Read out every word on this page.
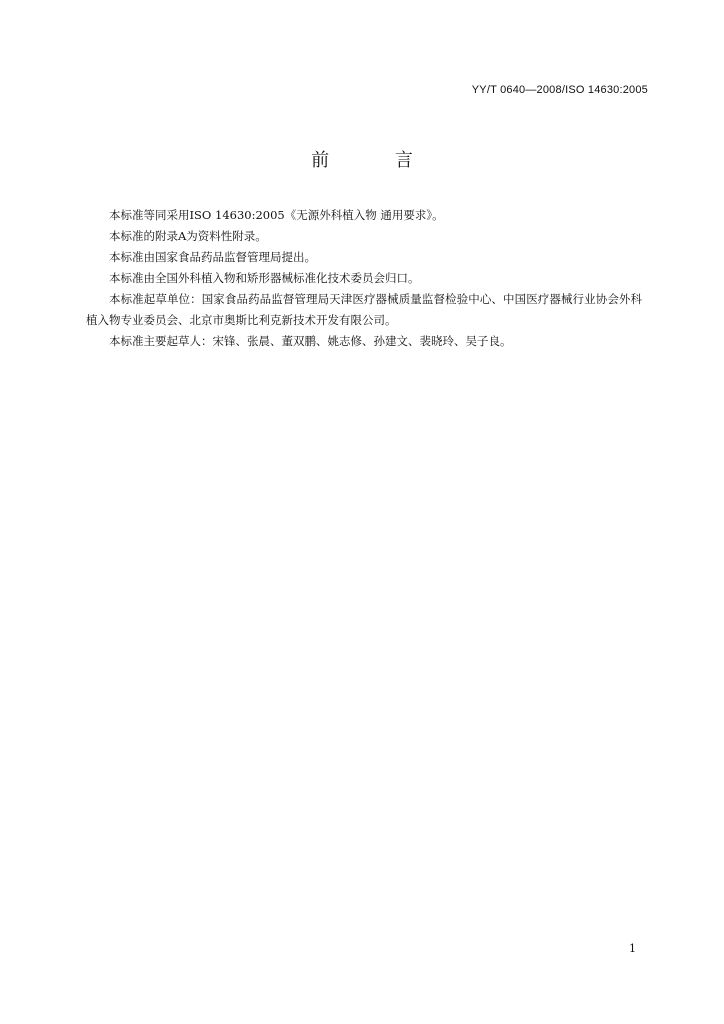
YY/T 0640—2008/ISO 14630:2005
前 言

本标准等同采用ISO 14630:2005《无源外科植入物 通用要求》。

本标准的附录A为资料性附录。

本标准由国家食品药品监督管理局提出。

本标准由全国外科植入物和矫形器械标准化技术委员会归口。

本标准起草单位：国家食品药品监督管理局天津医疗器械质量监督检验中心、中国医疗器械行业协会外科植入物专业委员会、北京市奥斯比利克新技术开发有限公司。

本标准主要起草人：宋锋、张晨、董双鹏、姚志修、孙建文、裴晓玲、吴子良。

1
